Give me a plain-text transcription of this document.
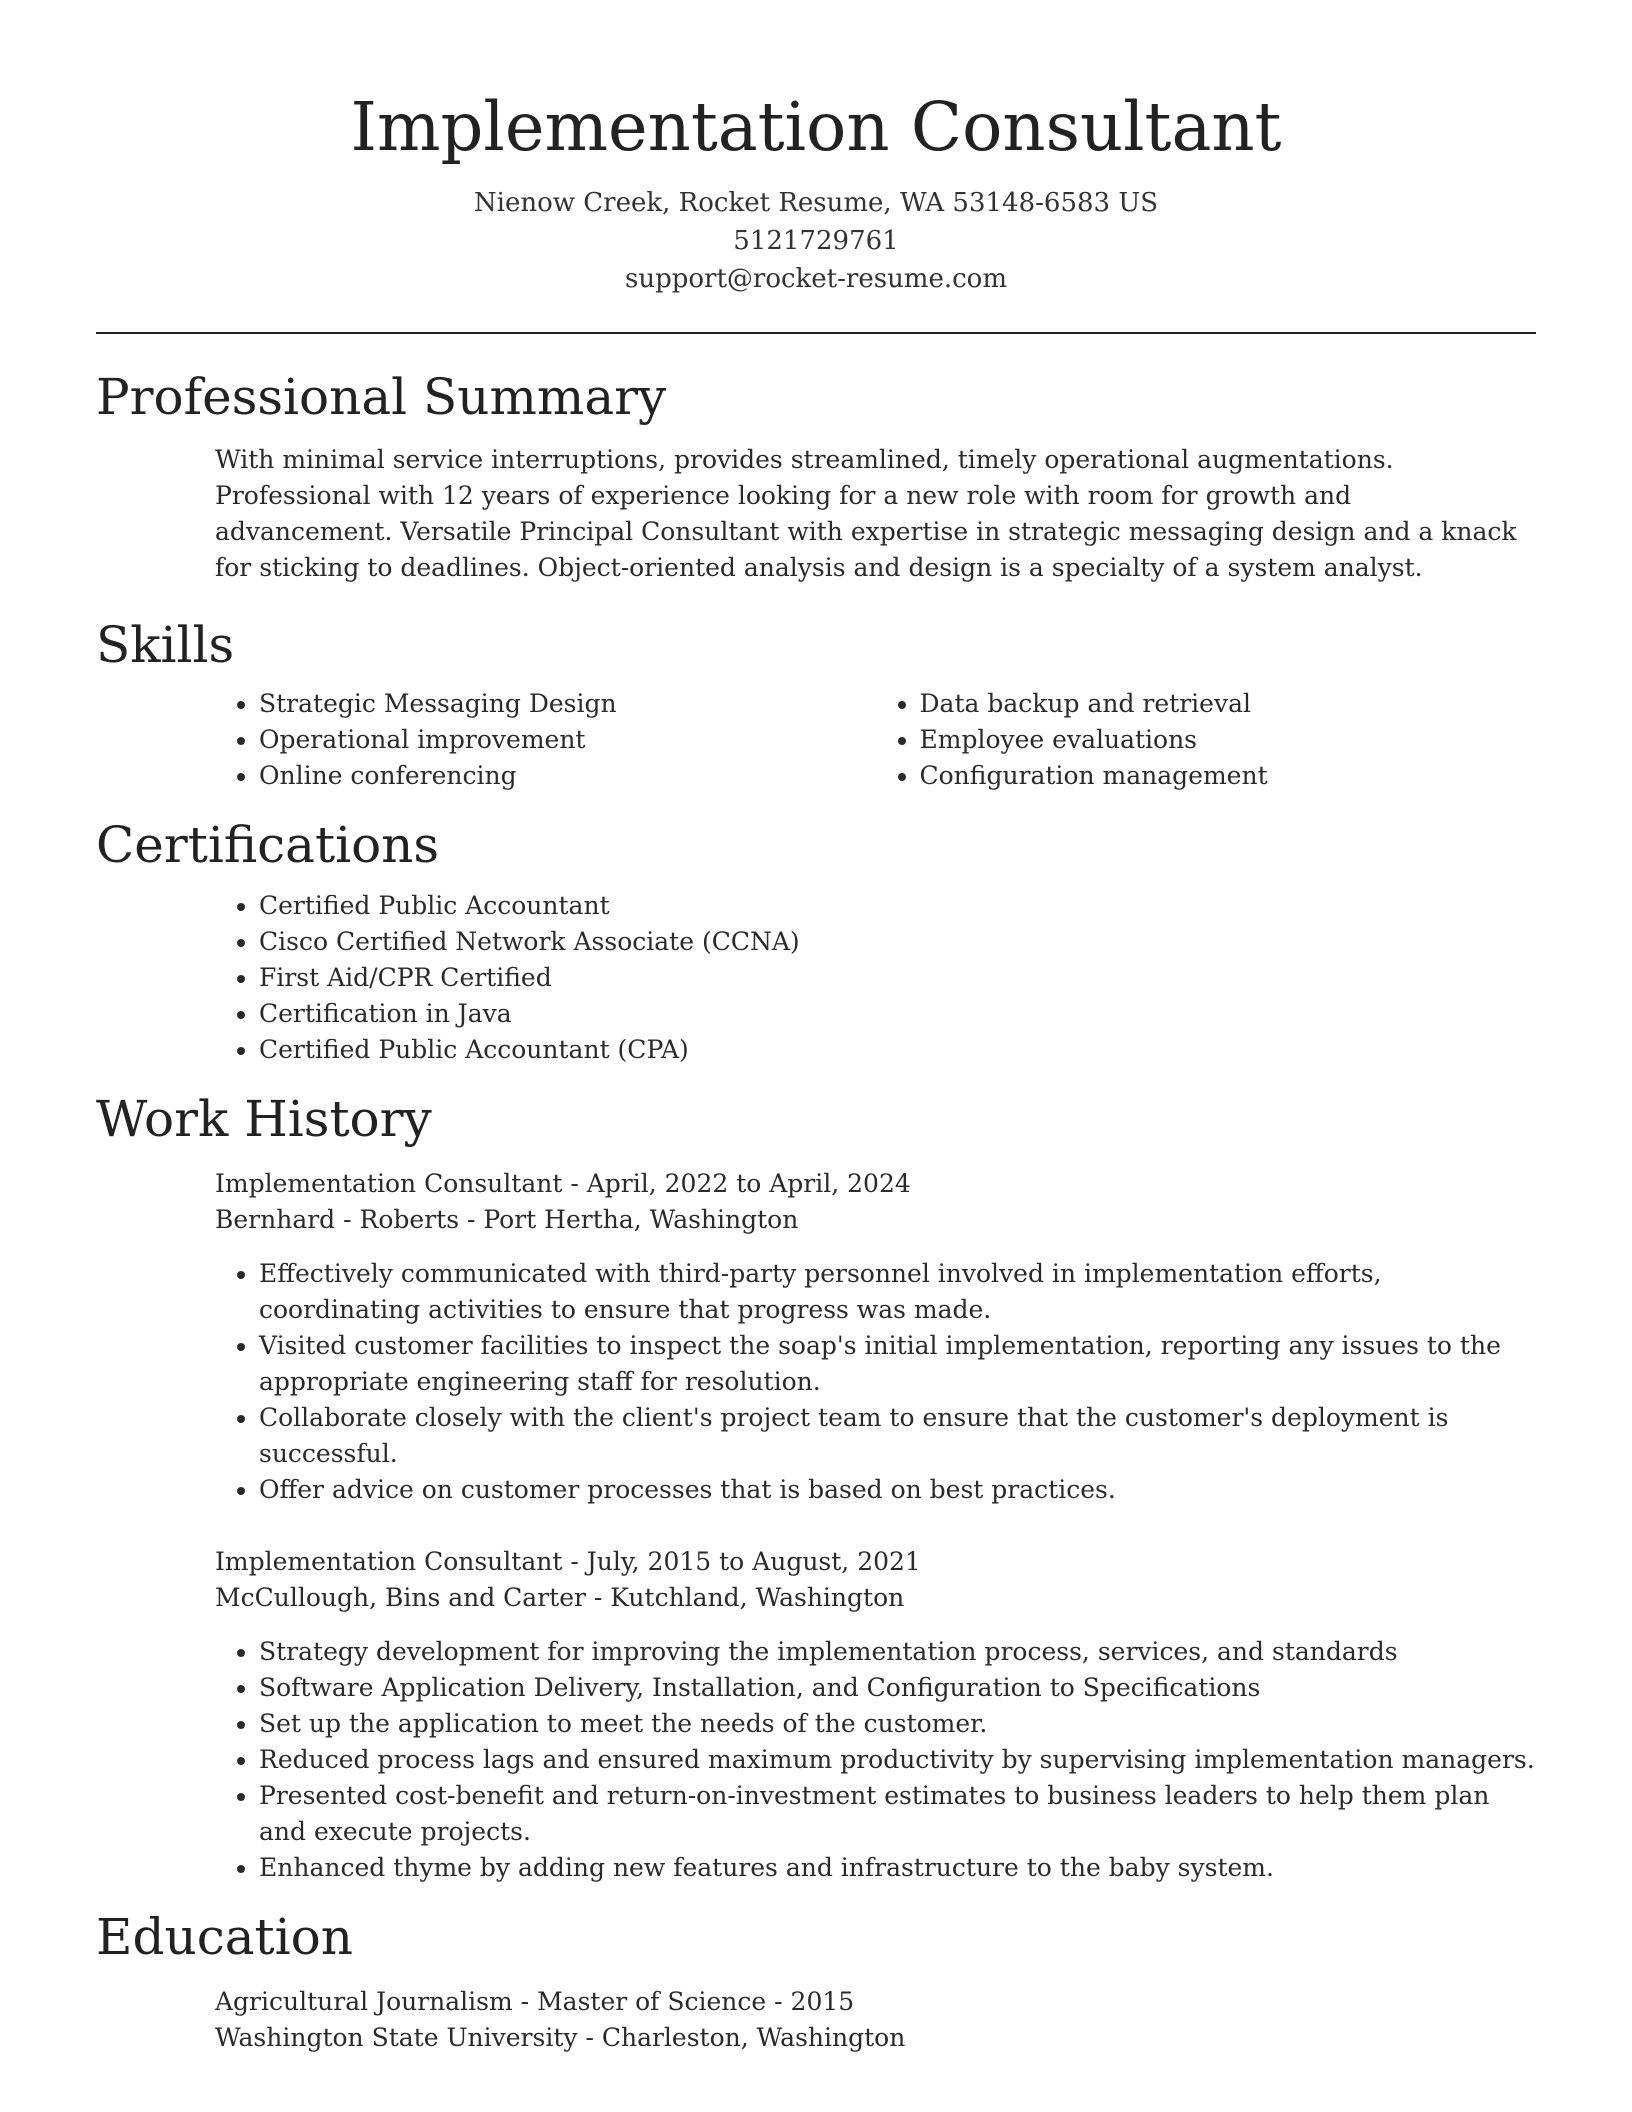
Implementation Consultant
Nienow Creek, Rocket Resume, WA 53148-6583 US
5121729761
support@rocket-resume.com
Professional Summary

With minimal service interruptions, provides streamlined, timely operational augmentations. Professional with 12 years of experience looking for a new role with room for growth and advancement. Versatile Principal Consultant with expertise in strategic messaging design and a knack for sticking to deadlines. Object-oriented analysis and design is a specialty of a system analyst.

Skills
• Strategic Messaging Design
• Operational improvement
• Online conferencing
• Data backup and retrieval
• Employee evaluations
• Configuration management
Certifications
• Certified Public Accountant
• Cisco Certified Network Associate (CCNA)
• First Aid/CPR Certified
• Certification in Java
• Certified Public Accountant (CPA)
Work History
Implementation Consultant - April, 2022 to April, 2024
Bernhard - Roberts - Port Hertha, Washington
• Effectively communicated with third-party personnel involved in implementation efforts, coordinating activities to ensure that progress was made.
• Visited customer facilities to inspect the soap's initial implementation, reporting any issues to the appropriate engineering staff for resolution.
• Collaborate closely with the client's project team to ensure that the customer's deployment is successful.
• Offer advice on customer processes that is based on best practices.
Implementation Consultant - July, 2015 to August, 2021
McCullough, Bins and Carter - Kutchland, Washington
• Strategy development for improving the implementation process, services, and standards
• Software Application Delivery, Installation, and Configuration to Specifications
• Set up the application to meet the needs of the customer.
• Reduced process lags and ensured maximum productivity by supervising implementation managers.
• Presented cost-benefit and return-on-investment estimates to business leaders to help them plan and execute projects.
• Enhanced thyme by adding new features and infrastructure to the baby system.
Education
Agricultural Journalism - Master of Science - 2015
Washington State University - Charleston, Washington
